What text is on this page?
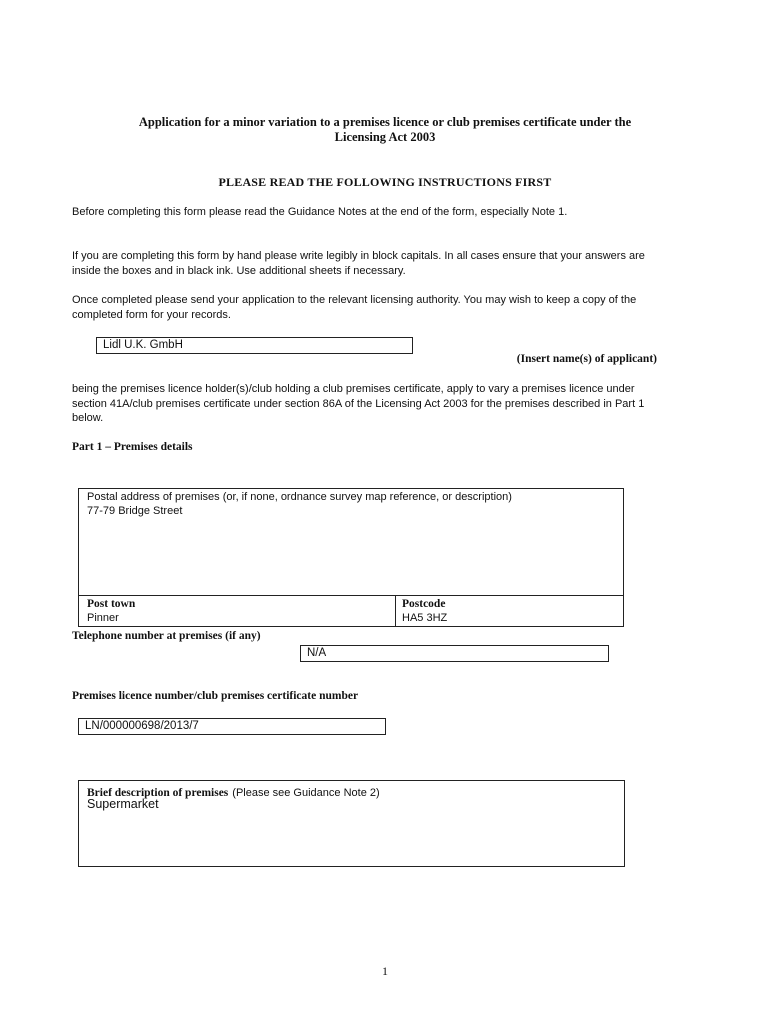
Application for a minor variation to a premises licence or club premises certificate under the
Licensing Act 2003
PLEASE READ THE FOLLOWING INSTRUCTIONS FIRST
Before completing this form please read the Guidance Notes at the end of the form, especially Note 1.
If you are completing this form by hand please write legibly in block capitals. In all cases ensure that your answers are inside the boxes and in black ink. Use additional sheets if necessary.
Once completed please send your application to the relevant licensing authority. You may wish to keep a copy of the completed form for your records.
Lidl U.K. GmbH
(Insert name(s) of applicant)
being the premises licence holder(s)/club holding a club premises certificate, apply to vary a premises licence under section 41A/club premises certificate under section 86A of the Licensing Act 2003 for the premises described in Part 1 below.
Part 1 – Premises details
Postal address of premises (or, if none, ordnance survey map reference, or description)
77-79 Bridge Street
Post town
Pinner
Postcode
HA5 3HZ
Telephone number at premises (if any)
N/A
Premises licence number/club premises certificate number
LN/000000698/2013/7
Brief description of premises (Please see Guidance Note 2)
Supermarket
1
